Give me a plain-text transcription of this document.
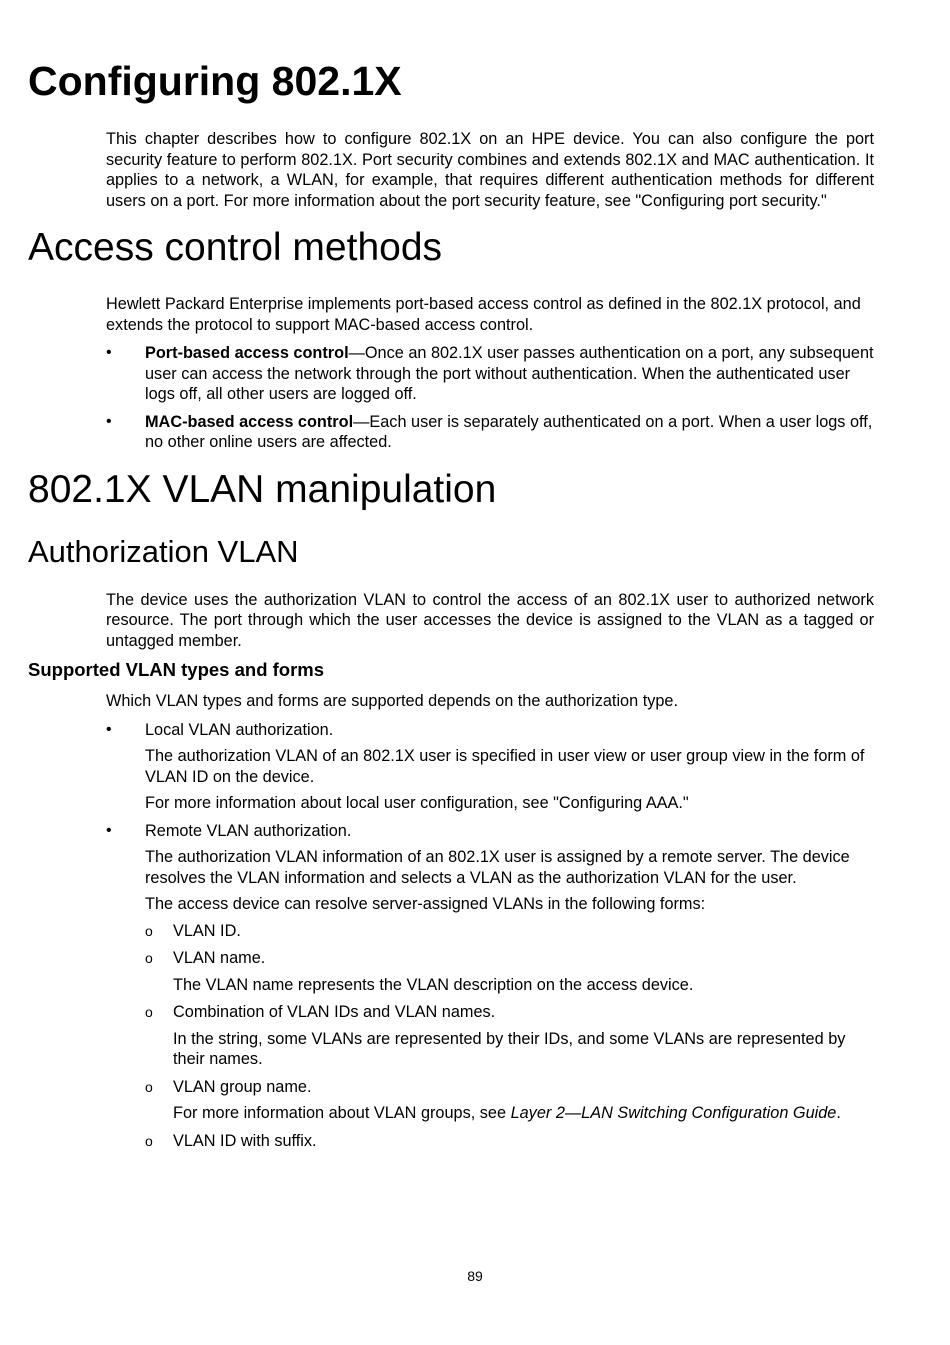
Configuring 802.1X

This chapter describes how to configure 802.1X on an HPE device. You can also configure the port security feature to perform 802.1X. Port security combines and extends 802.1X and MAC authentication. It applies to a network, a WLAN, for example, that requires different authentication methods for different users on a port. For more information about the port security feature, see "Configuring port security."

Access control methods

Hewlett Packard Enterprise implements port-based access control as defined in the 802.1X protocol, and extends the protocol to support MAC-based access control.

• Port-based access control—Once an 802.1X user passes authentication on a port, any subsequent user can access the network through the port without authentication. When the authenticated user logs off, all other users are logged off.
• MAC-based access control—Each user is separately authenticated on a port. When a user logs off, no other online users are affected.
802.1X VLAN manipulation
Authorization VLAN

The device uses the authorization VLAN to control the access of an 802.1X user to authorized network resource. The port through which the user accesses the device is assigned to the VLAN as a tagged or untagged member.

Supported VLAN types and forms

Which VLAN types and forms are supported depends on the authorization type.

• Local VLAN authorization.
The authorization VLAN of an 802.1X user is specified in user view or user group view in the form of VLAN ID on the device.
For more information about local user configuration, see "Configuring AAA."
• Remote VLAN authorization.
The authorization VLAN information of an 802.1X user is assigned by a remote server. The device resolves the VLAN information and selects a VLAN as the authorization VLAN for the user.
The access device can resolve server-assigned VLANs in the following forms:
o VLAN ID.
o VLAN name.
The VLAN name represents the VLAN description on the access device.
o Combination of VLAN IDs and VLAN names.
In the string, some VLANs are represented by their IDs, and some VLANs are represented by their names.
o VLAN group name.
For more information about VLAN groups, see Layer 2—LAN Switching Configuration Guide.
o VLAN ID with suffix.
89
